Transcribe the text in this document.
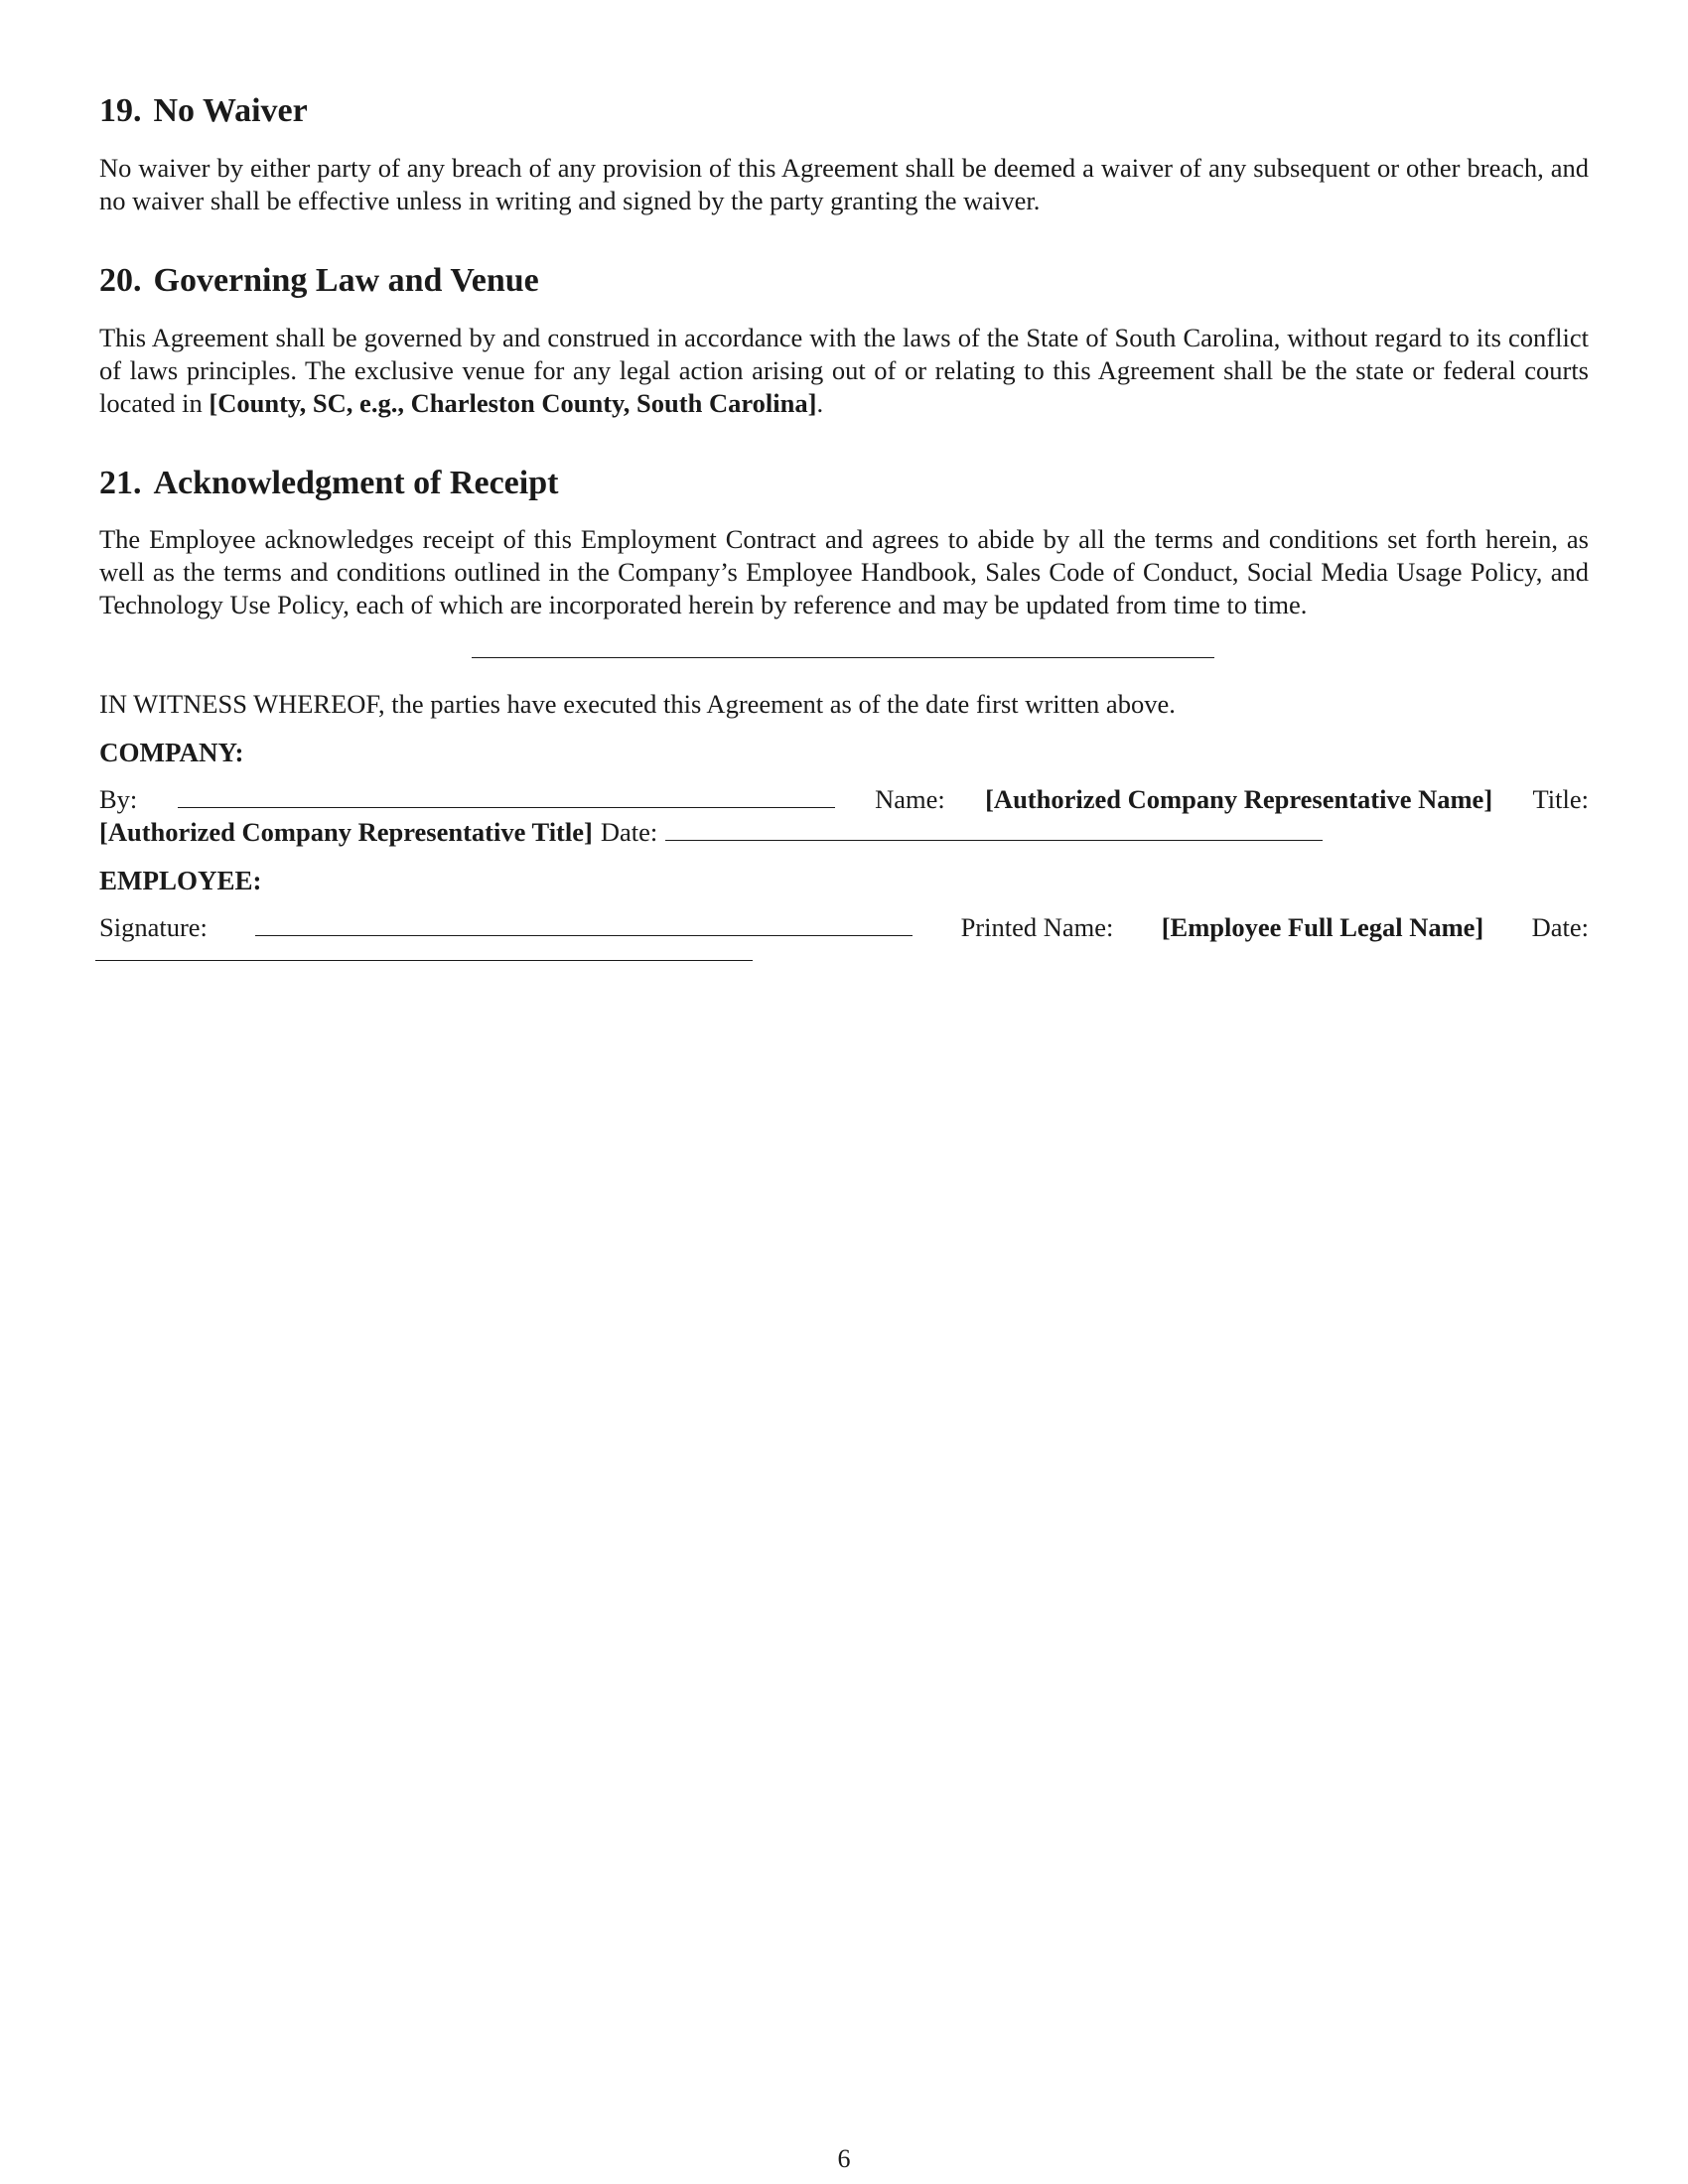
19. No Waiver

No waiver by either party of any breach of any provision of this Agreement shall be deemed a waiver of any subsequent or other breach, and no waiver shall be effective unless in writing and signed by the party granting the waiver.

20. Governing Law and Venue

This Agreement shall be governed by and construed in accordance with the laws of the State of South Carolina, without regard to its conflict of laws principles. The exclusive venue for any legal action arising out of or relating to this Agreement shall be the state or federal courts located in [County, SC, e.g., Charleston County, South Carolina].

21. Acknowledgment of Receipt

The Employee acknowledges receipt of this Employment Contract and agrees to abide by all the terms and conditions set forth herein, as well as the terms and conditions outlined in the Company’s Employee Handbook, Sales Code of Conduct, Social Media Usage Policy, and Technology Use Policy, each of which are incorporated herein by reference and may be updated from time to time.

IN WITNESS WHEREOF, the parties have executed this Agreement as of the date first written above.

COMPANY:
By:	Name: [Authorized Company Representative Name] Title:
[Authorized Company Representative Title] Date:
EMPLOYEE:
Signature:	Printed Name: [Employee Full Legal Name] Date:
6
